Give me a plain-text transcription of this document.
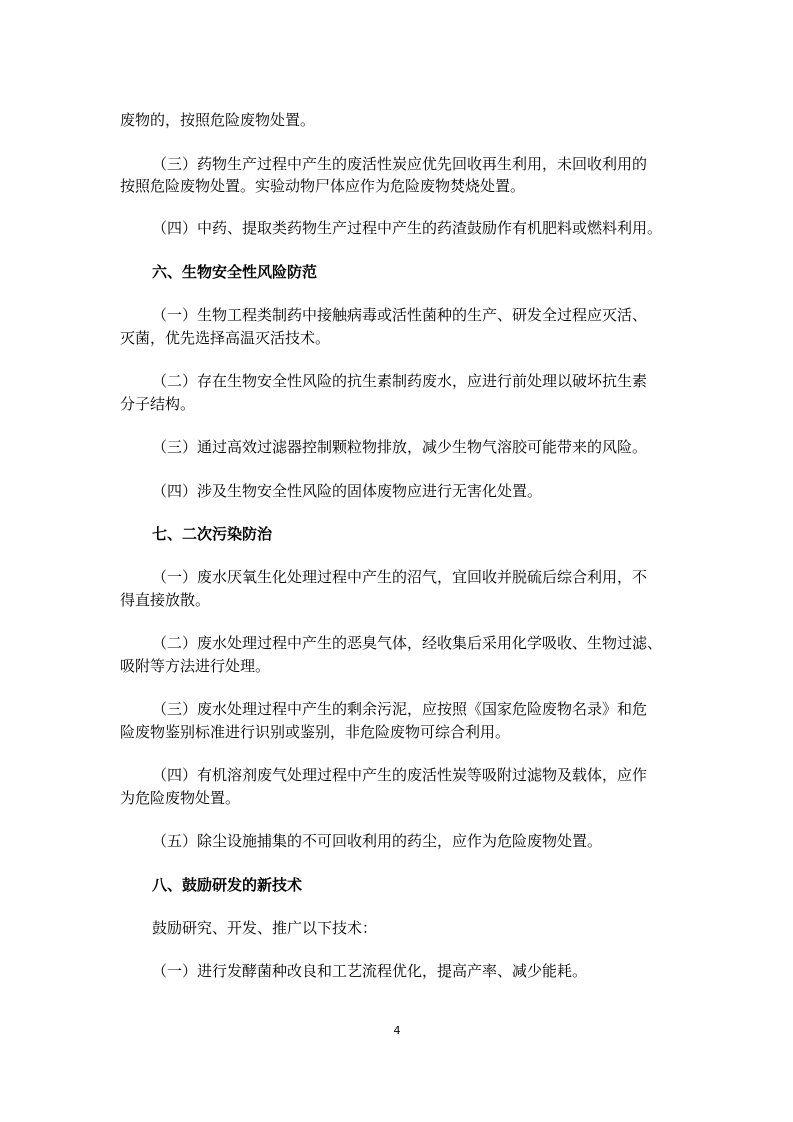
废物的，按照危险废物处置。
（三）药物生产过程中产生的废活性炭应优先回收再生利用，未回收利用的
按照危险废物处置。实验动物尸体应作为危险废物焚烧处置。
（四）中药、提取类药物生产过程中产生的药渣鼓励作有机肥料或燃料利用。
六、生物安全性风险防范
（一）生物工程类制药中接触病毒或活性菌种的生产、研发全过程应灭活、
灭菌，优先选择高温灭活技术。
（二）存在生物安全性风险的抗生素制药废水，应进行前处理以破坏抗生素
分子结构。
（三）通过高效过滤器控制颗粒物排放，减少生物气溶胶可能带来的风险。
（四）涉及生物安全性风险的固体废物应进行无害化处置。
七、二次污染防治
（一）废水厌氧生化处理过程中产生的沼气，宜回收并脱硫后综合利用，不
得直接放散。
（二）废水处理过程中产生的恶臭气体，经收集后采用化学吸收、生物过滤、
吸附等方法进行处理。
（三）废水处理过程中产生的剩余污泥，应按照《国家危险废物名录》和危
险废物鉴别标准进行识别或鉴别，非危险废物可综合利用。
（四）有机溶剂废气处理过程中产生的废活性炭等吸附过滤物及载体，应作
为危险废物处置。
（五）除尘设施捕集的不可回收利用的药尘，应作为危险废物处置。
八、鼓励研发的新技术
鼓励研究、开发、推广以下技术：
（一）进行发酵菌种改良和工艺流程优化，提高产率、减少能耗。
4
